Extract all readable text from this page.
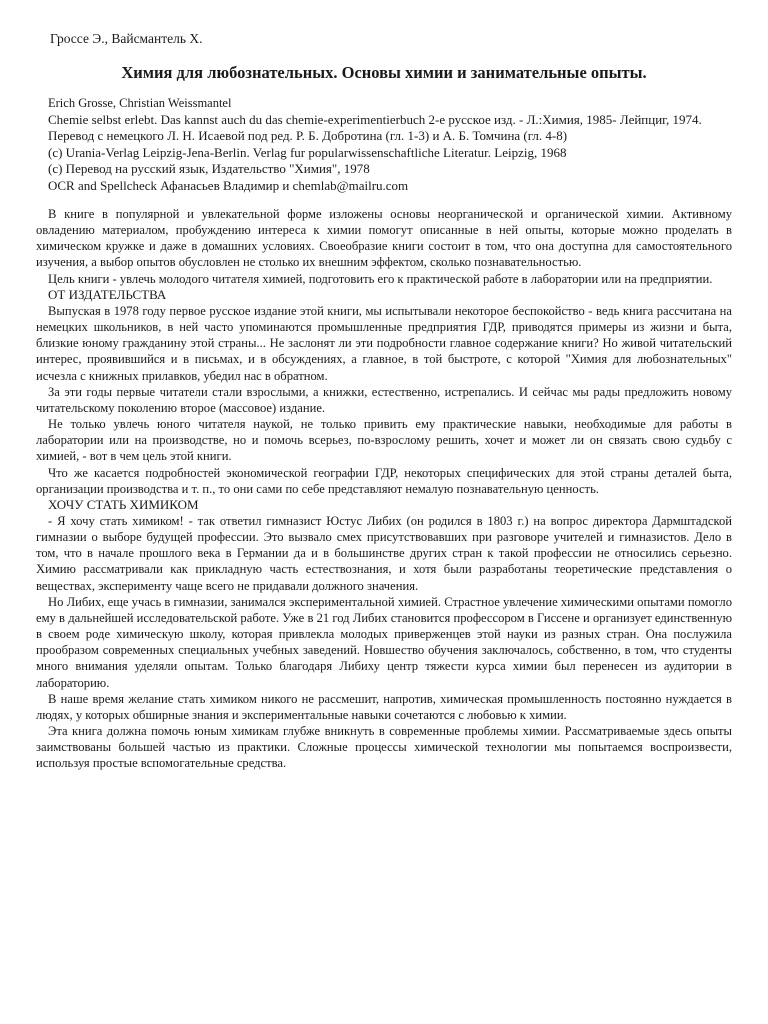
Гроссе Э., Вайсмантель Х.
Химия для любознательных. Основы химии и занимательные опыты.
Erich Grosse, Christian Weissmantel
Chemie selbst erlebt. Das kannst auch du das chemie-experimentierbuch 2-е русское изд. - Л.:Химия, 1985- Лейпциг, 1974.
Перевод с немецкого Л. Н. Исаевой под ред. Р. Б. Добротина (гл. 1-3) и А. Б. Томчина (гл. 4-8)
(c) Urania-Verlag Leipzig-Jena-Berlin. Verlag fur popularwissenschaftliche Literatur. Leipzig, 1968
(c) Перевод на русский язык, Издательство "Химия", 1978
OCR and Spellcheck Афанасьев Владимир и chemlab@mailru.com

В книге в популярной и увлекательной форме изложены основы неорганической и органической химии. Активному овладению материалом, пробуждению интереса к химии помогут описанные в ней опыты, которые можно проделать в химическом кружке и даже в домашних условиях. Своеобразие книги состоит в том, что она доступна для самостоятельного изучения, а выбор опытов обусловлен не столько их внешним эффектом, сколько познавательностью.

Цель книги - увлечь молодого читателя химией, подготовить его к практической работе в лаборатории или на предприятии.

ОТ ИЗДАТЕЛЬСТВА

Выпуская в 1978 году первое русское издание этой книги, мы испытывали некоторое беспокойство - ведь книга рассчитана на немецких школьников, в ней часто упоминаются промышленные предприятия ГДР, приводятся примеры из жизни и быта, близкие юному гражданину этой страны... Не заслонят ли эти подробности главное содержание книги? Но живой читательский интерес, проявившийся и в письмах, и в обсуждениях, а главное, в той быстроте, с которой "Химия для любознательных" исчезла с книжных прилавков, убедил нас в обратном.

За эти годы первые читатели стали взрослыми, а книжки, естественно, истрепались. И сейчас мы рады предложить новому читательскому поколению второе (массовое) издание.

Не только увлечь юного читателя наукой, не только привить ему практические навыки, необходимые для работы в лаборатории или на производстве, но и помочь всерьез, по-взрослому решить, хочет и может ли он связать свою судьбу с химией, - вот в чем цель этой книги.

Что же касается подробностей экономической географии ГДР, некоторых специфических для этой страны деталей быта, организации производства и т. п., то они сами по себе представляют немалую познавательную ценность.

ХОЧУ СТАТЬ ХИМИКОМ

- Я хочу стать химиком! - так ответил гимназист Юстус Либих (он родился в 1803 г.) на вопрос директора Дармштадской гимназии о выборе будущей профессии. Это вызвало смех присутствовавших при разговоре учителей и гимназистов. Дело в том, что в начале прошлого века в Германии да и в большинстве других стран к такой профессии не относились серьезно. Химию рассматривали как прикладную часть естествознания, и хотя были разработаны теоретические представления о веществах, эксперименту чаще всего не придавали должного значения.

Но Либих, еще учась в гимназии, занимался экспериментальной химией. Страстное увлечение химическими опытами помогло ему в дальнейшей исследовательской работе. Уже в 21 год Либих становится профессором в Гиссене и организует единственную в своем роде химическую школу, которая привлекла молодых приверженцев этой науки из разных стран. Она послужила прообразом современных специальных учебных заведений. Новшество обучения заключалось, собственно, в том, что студенты много внимания уделяли опытам. Только благодаря Либиху центр тяжести курса химии был перенесен из аудитории в лабораторию.

В наше время желание стать химиком никого не рассмешит, напротив, химическая промышленность постоянно нуждается в людях, у которых обширные знания и экспериментальные навыки сочетаются с любовью к химии.

Эта книга должна помочь юным химикам глубже вникнуть в современные проблемы химии. Рассматриваемые здесь опыты заимствованы большей частью из практики. Сложные процессы химической технологии мы попытаемся воспроизвести, используя простые вспомогательные средства.
